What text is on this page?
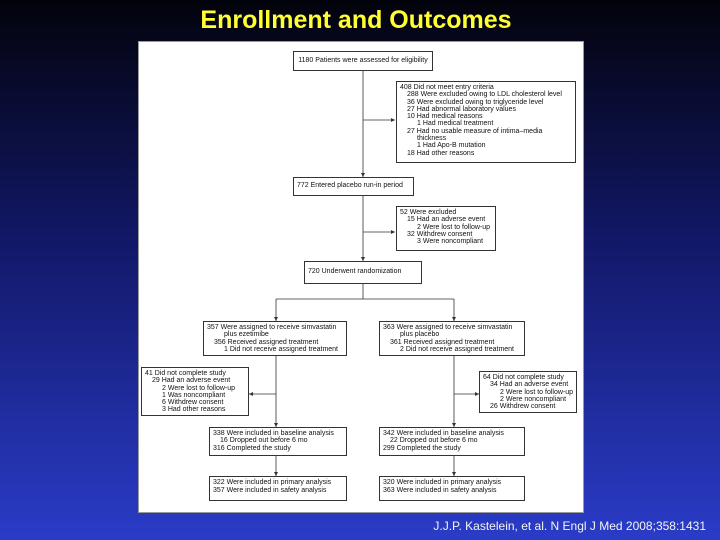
Enrollment and Outcomes
1180 Patients were assessed for eligibility
408 Did not meet entry criteria
288 Were excluded owing to LDL cholesterol level
36 Were excluded owing to triglyceride level
27 Had abnormal laboratory values
10 Had medical reasons
1 Had medical treatment
27 Had no usable measure of intima–media
thickness
1 Had Apo-B mutation
18 Had other reasons
772 Entered placebo run-in period
52 Were excluded
15 Had an adverse event
2 Were lost to follow-up
32 Withdrew consent
3 Were noncompliant
720 Underwent randomization
357 Were assigned to receive simvastatin
plus ezetimibe
356 Received assigned treatment
1 Did not receive assigned treatment
363 Were assigned to receive simvastatin
plus placebo
361 Received assigned treatment
2 Did not receive assigned treatment
41 Did not complete study
29 Had an adverse event
2 Were lost to follow-up
1 Was noncompliant
6 Withdrew consent
3 Had other reasons
64 Did not complete study
34 Had an adverse event
2 Were lost to follow-up
2 Were noncompliant
26 Withdrew consent
338 Were included in baseline analysis
16 Dropped out before 6 mo
316 Completed the study
342 Were included in baseline analysis
22 Dropped out before 6 mo
299 Completed the study
322 Were included in primary analysis
357 Were included in safety analysis
320 Were included in primary analysis
363 Were included in safety analysis
J.J.P. Kastelein, et al. N Engl J Med 2008;358:1431
